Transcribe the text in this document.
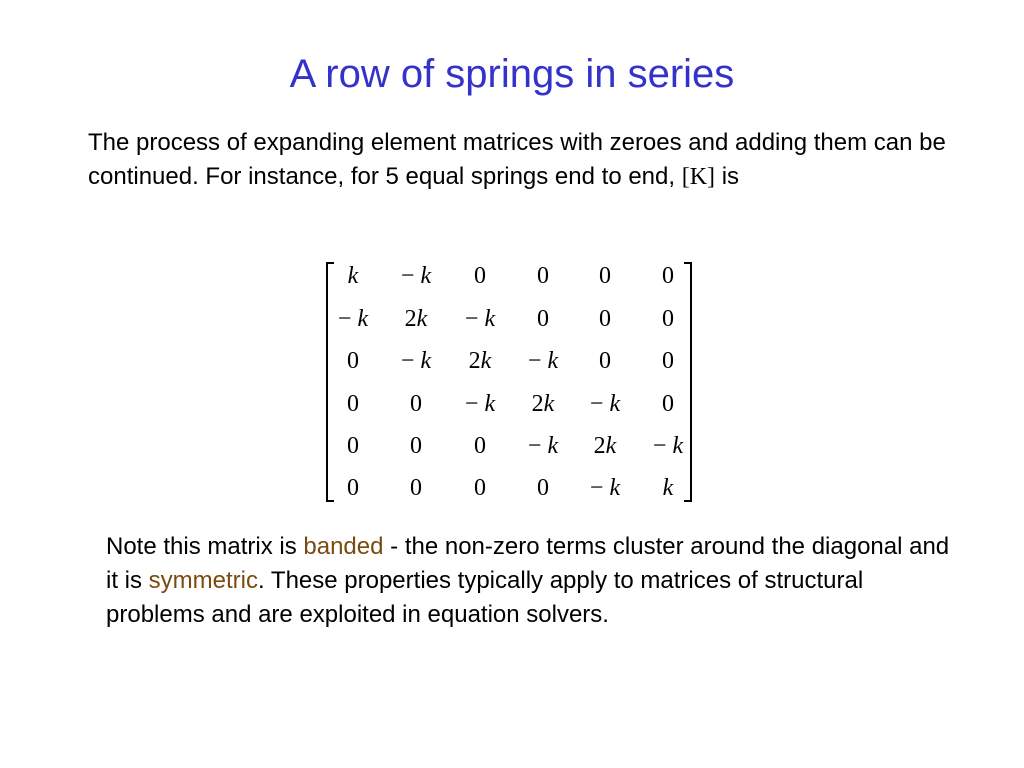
A row of springs in series

The process of expanding element matrices with zeroes and adding them can be continued. For instance, for 5 equal springs end to end, [K] is

k	− k	0	0	0	0
− k	2k	− k	0	0	0
0	− k	2k	− k	0	0
0	0	− k	2k	− k	0
0	0	0	− k	2k	− k
0	0	0	0	− k	k

Note this matrix is banded - the non-zero terms cluster around the diagonal and it is symmetric. These properties typically apply to matrices of structural problems and are exploited in equation solvers.
